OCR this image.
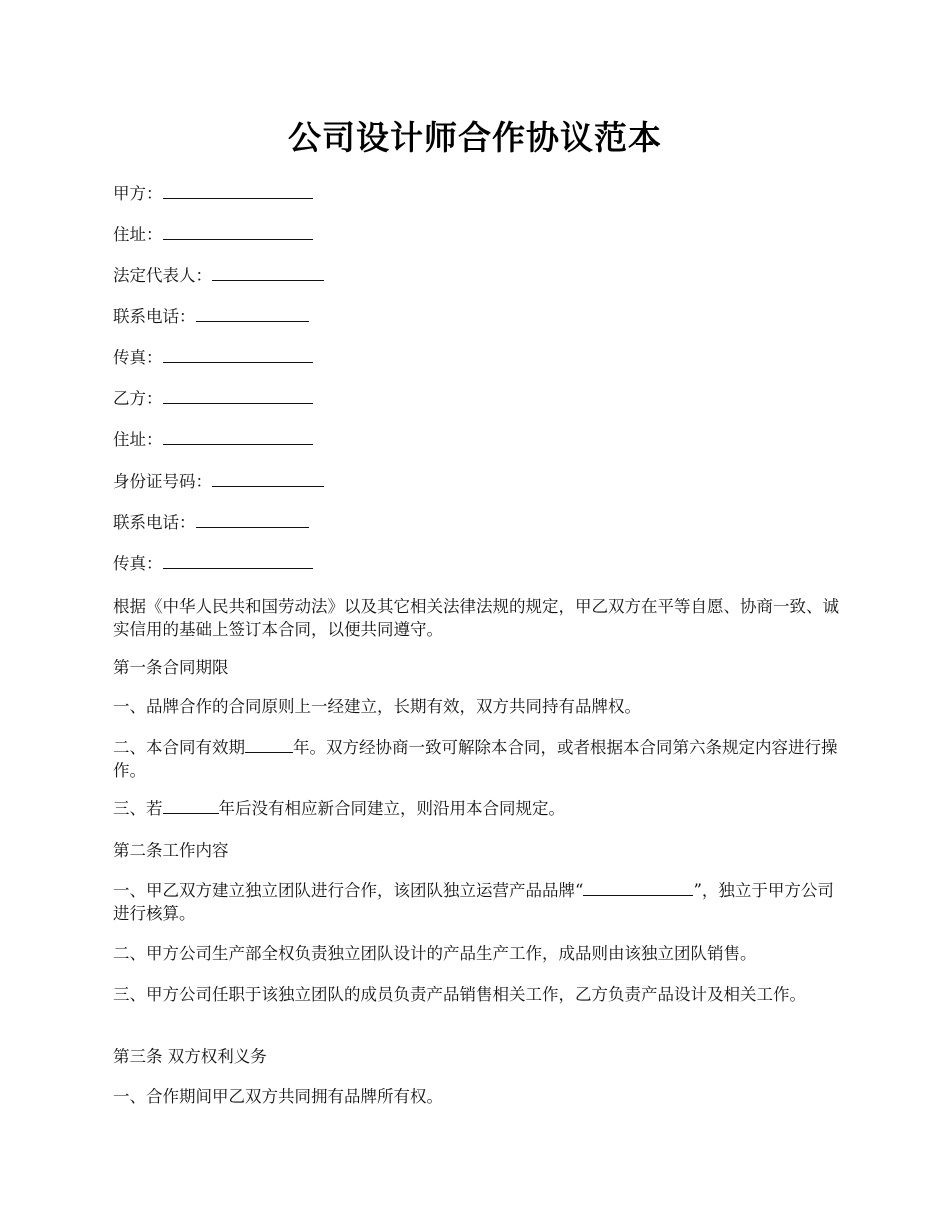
公司设计师合作协议范本
甲方：
住址：
法定代表人：
联系电话：
传真：
乙方：
住址：
身份证号码：
联系电话：
传真：
根据《中华人民共和国劳动法》以及其它相关法律法规的规定，甲乙双方在平等自愿、协商一致、诚实信用的基础上签订本合同，以便共同遵守。
第一条合同期限
一、品牌合作的合同原则上一经建立，长期有效，双方共同持有品牌权。
二、本合同有效期	年。双方经协商一致可解除本合同，或者根据本合同第六条规定内容进行操作。
三、若	年后没有相应新合同建立，则沿用本合同规定。
第二条工作内容
一、甲乙双方建立独立团队进行合作，该团队独立运营产品品牌“	”，独立于甲方公司进行核算。
二、甲方公司生产部全权负责独立团队设计的产品生产工作，成品则由该独立团队销售。
三、甲方公司任职于该独立团队的成员负责产品销售相关工作，乙方负责产品设计及相关工作。
第三条 双方权利义务
一、合作期间甲乙双方共同拥有品牌所有权。
